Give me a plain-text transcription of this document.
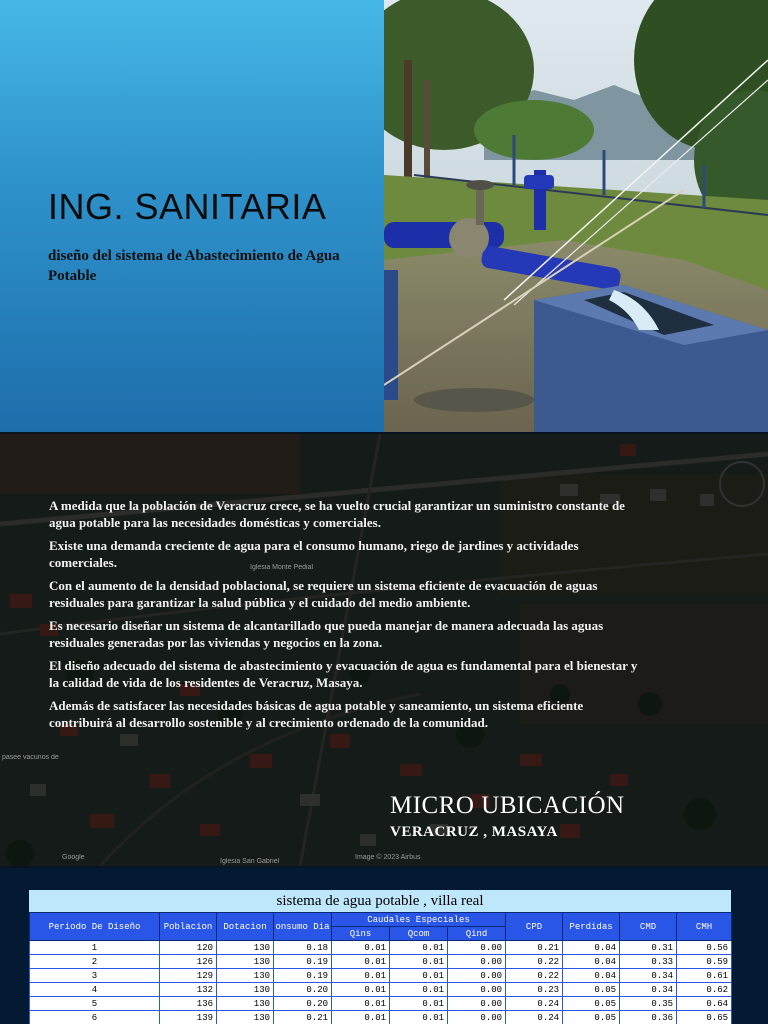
ING. SANITARIA
diseño del sistema de Abastecimiento de Agua Potable
Iglesia Monte Pedial
pasee vacunos de
Google
Iglesia San Gabriel
Image © 2023 Airbus

A medida que la población de Veracruz crece, se ha vuelto crucial garantizar un suministro constante de agua potable para las necesidades domésticas y comerciales.

Existe una demanda creciente de agua para el consumo humano, riego de jardines y actividades comerciales.

Con el aumento de la densidad poblacional, se requiere un sistema eficiente de evacuación de aguas residuales para garantizar la salud pública y el cuidado del medio ambiente.

Es necesario diseñar un sistema de alcantarillado que pueda manejar de manera adecuada las aguas residuales generadas por las viviendas y negocios en la zona.

El diseño adecuado del sistema de abastecimiento y evacuación de agua es fundamental para el bienestar y la calidad de vida de los residentes de Veracruz, Masaya.

Además de satisfacer las necesidades básicas de agua potable y saneamiento, un sistema eficiente contribuirá al desarrollo sostenible y al crecimiento ordenado de la comunidad.

MICRO UBICACIÓN
VERACRUZ , MASAYA
sistema de agua potable , villa real
Periodo De Diseño	Poblacion	Dotacion	onsumo Dia	Caudales Especiales			CPD	Perdidas	CMD	CMH
				Qins	Qcom	Qind				
1	120	130	0.18	0.01	0.01	0.00	0.21	0.04	0.31	0.56
2	126	130	0.19	0.01	0.01	0.00	0.22	0.04	0.33	0.59
3	129	130	0.19	0.01	0.01	0.00	0.22	0.04	0.34	0.61
4	132	130	0.20	0.01	0.01	0.00	0.23	0.05	0.34	0.62
5	136	130	0.20	0.01	0.01	0.00	0.24	0.05	0.35	0.64
6	139	130	0.21	0.01	0.01	0.00	0.24	0.05	0.36	0.65
